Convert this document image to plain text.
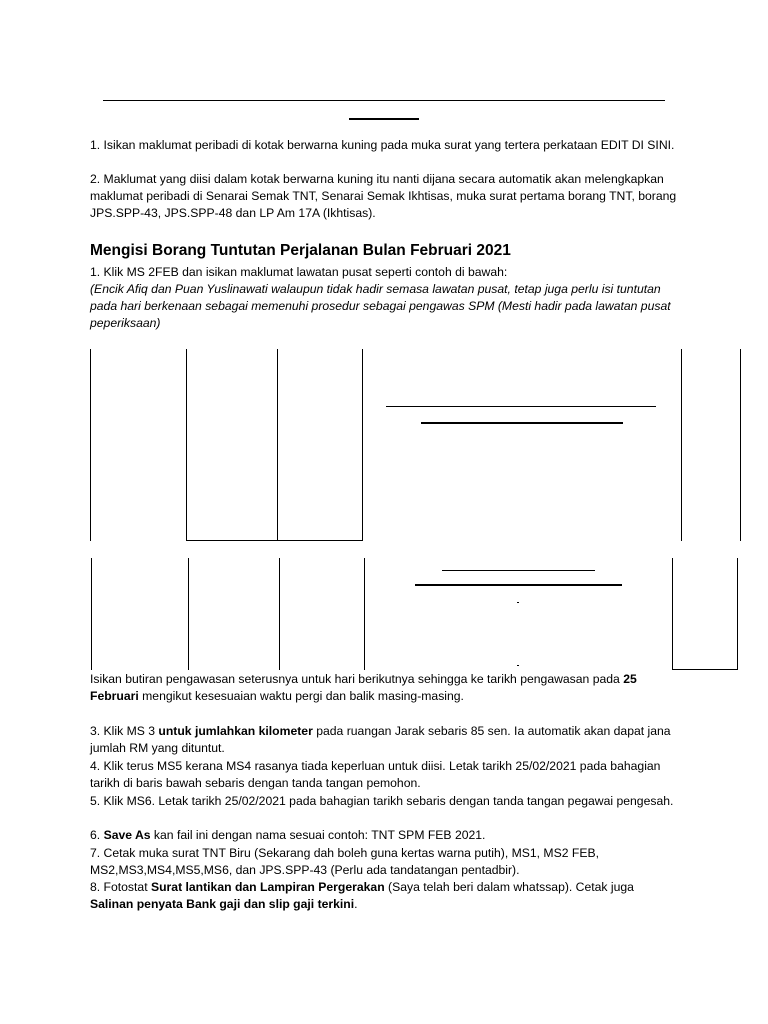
1. Isikan maklumat peribadi di kotak berwarna kuning pada muka surat yang tertera perkataan EDIT DI SINI.

2. Maklumat yang diisi dalam kotak berwarna kuning itu nanti dijana secara automatik akan melengkapkan maklumat peribadi di Senarai Semak TNT, Senarai Semak Ikhtisas, muka surat pertama borang TNT, borang JPS.SPP-43, JPS.SPP-48 dan LP Am 17A (Ikhtisas).

Mengisi Borang Tuntutan Perjalanan Bulan Februari 2021

1. Klik MS 2FEB dan isikan maklumat lawatan pusat seperti contoh di bawah:

(Encik Afiq dan Puan Yuslinawati walaupun tidak hadir semasa lawatan pusat, tetap juga perlu isi tuntutan pada hari berkenaan sebagai memenuhi prosedur sebagai pengawas SPM (Mesti hadir pada lawatan pusat peperiksaan)

Isikan butiran pengawasan seterusnya untuk hari berikutnya sehingga ke tarikh pengawasan pada 25 Februari mengikut kesesuaian waktu pergi dan balik masing-masing.

3. Klik MS 3 untuk jumlahkan kilometer pada ruangan Jarak sebaris 85 sen. Ia automatik akan dapat jana jumlah RM yang dituntut.

4. Klik terus MS5 kerana MS4 rasanya tiada keperluan untuk diisi. Letak tarikh 25/02/2021 pada bahagian tarikh di baris bawah sebaris dengan tanda tangan pemohon.

5. Klik MS6. Letak tarikh 25/02/2021 pada bahagian tarikh sebaris dengan tanda tangan pegawai pengesah.

6. Save As kan fail ini dengan nama sesuai contoh: TNT SPM FEB 2021.

7. Cetak muka surat TNT Biru (Sekarang dah boleh guna kertas warna putih), MS1, MS2 FEB, MS2,MS3,MS4,MS5,MS6, dan JPS.SPP-43 (Perlu ada tandatangan pentadbir).

8. Fotostat Surat lantikan dan Lampiran Pergerakan (Saya telah beri dalam whatssap). Cetak juga Salinan penyata Bank gaji dan slip gaji terkini.
